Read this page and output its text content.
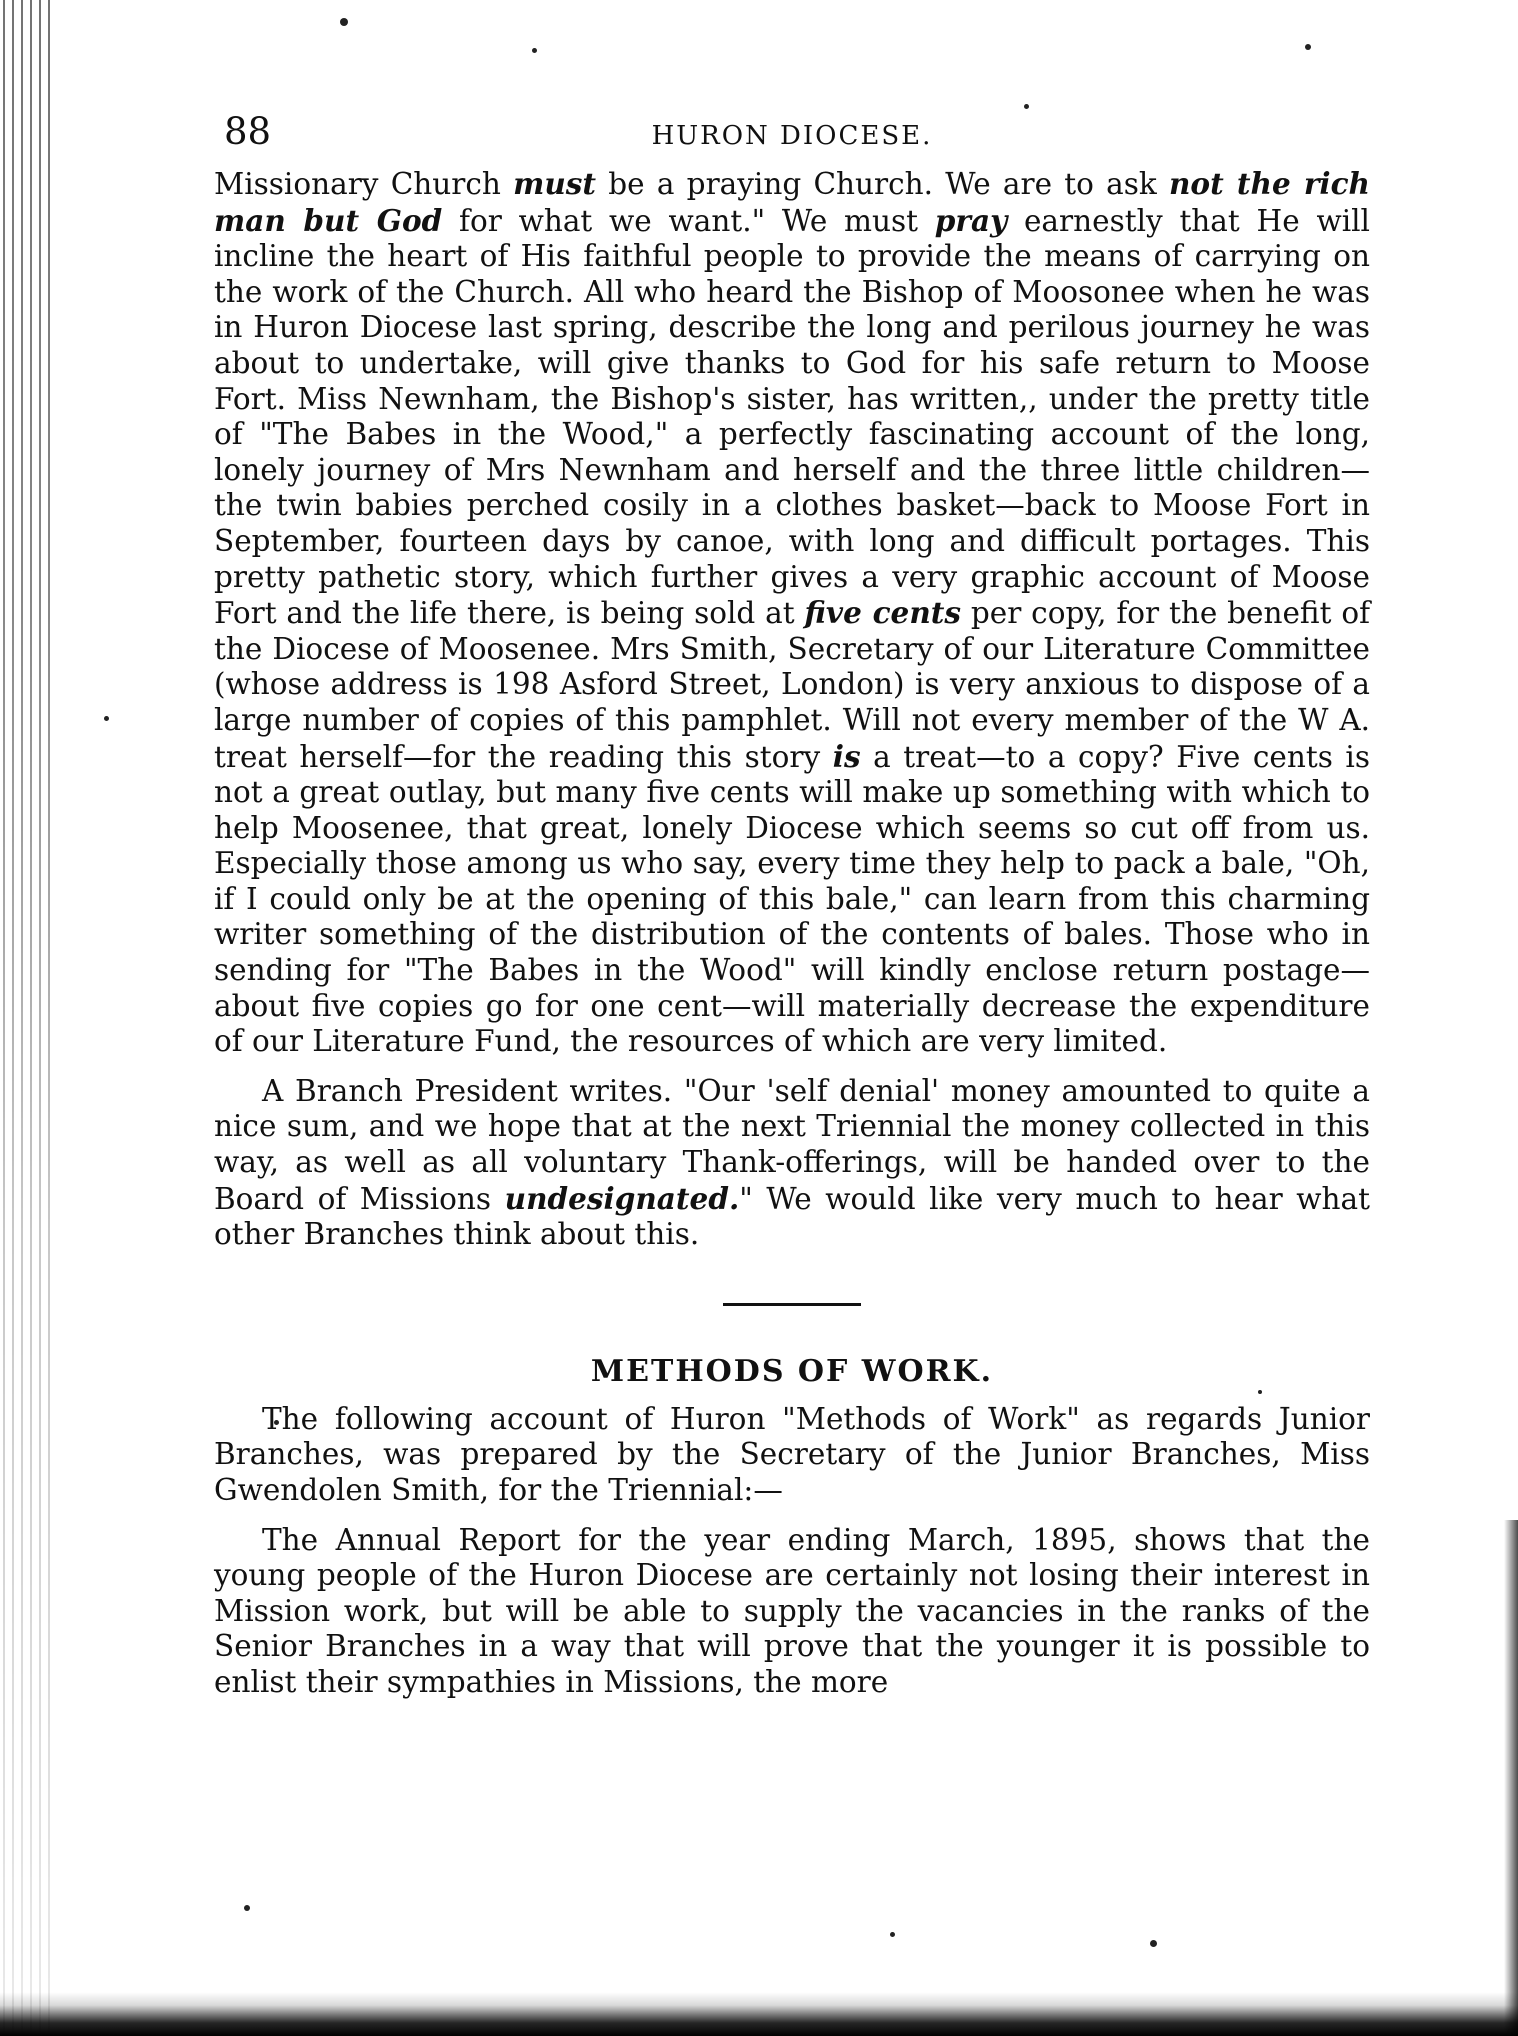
88	HURON DIOCESE.

Missionary Church must be a praying Church. We are to ask not the rich man but God for what we want." We must pray earnestly that He will incline the heart of His faithful people to provide the means of carrying on the work of the Church. All who heard the Bishop of Moosonee when he was in Huron Diocese last spring, describe the long and perilous journey he was about to undertake, will give thanks to God for his safe return to Moose Fort. Miss Newnham, the Bishop's sister, has written,, under the pretty title of "The Babes in the Wood," a perfectly fascinating account of the long, lonely journey of Mrs Newnham and herself and the three little children—the twin babies perched cosily in a clothes basket—back to Moose Fort in September, fourteen days by canoe, with long and difficult portages. This pretty pathetic story, which further gives a very graphic account of Moose Fort and the life there, is being sold at five cents per copy, for the benefit of the Diocese of Moosenee. Mrs Smith, Secretary of our Literature Committee (whose address is 198 Asford Street, London) is very anxious to dispose of a large number of copies of this pamphlet. Will not every member of the W A. treat herself—for the reading this story is a treat—to a copy? Five cents is not a great outlay, but many five cents will make up something with which to help Moosenee, that great, lonely Diocese which seems so cut off from us. Especially those among us who say, every time they help to pack a bale, "Oh, if I could only be at the opening of this bale," can learn from this charming writer something of the distribution of the contents of bales. Those who in sending for "The Babes in the Wood" will kindly enclose return postage—about five copies go for one cent—will materially decrease the expenditure of our Literature Fund, the resources of which are very limited.

A Branch President writes. "Our 'self denial' money amounted to quite a nice sum, and we hope that at the next Triennial the money collected in this way, as well as all voluntary Thank-offerings, will be handed over to the Board of Missions undesignated." We would like very much to hear what other Branches think about this.

METHODS OF WORK.

The following account of Huron "Methods of Work" as regards Junior Branches, was prepared by the Secretary of the Junior Branches, Miss Gwendolen Smith, for the Triennial:—

The Annual Report for the year ending March, 1895, shows that the young people of the Huron Diocese are certainly not losing their interest in Mission work, but will be able to supply the vacancies in the ranks of the Senior Branches in a way that will prove that the younger it is possible to enlist their sympathies in Missions, the more
